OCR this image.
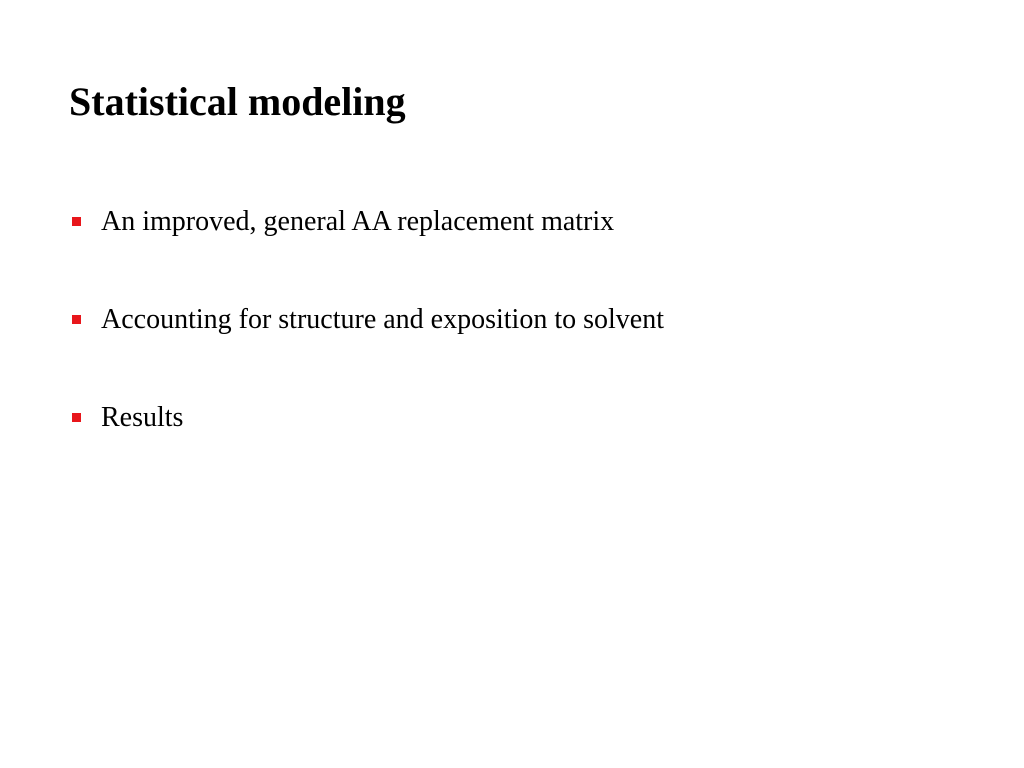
Statistical modeling
An improved, general AA replacement matrix
Accounting for structure and exposition to solvent
Results
